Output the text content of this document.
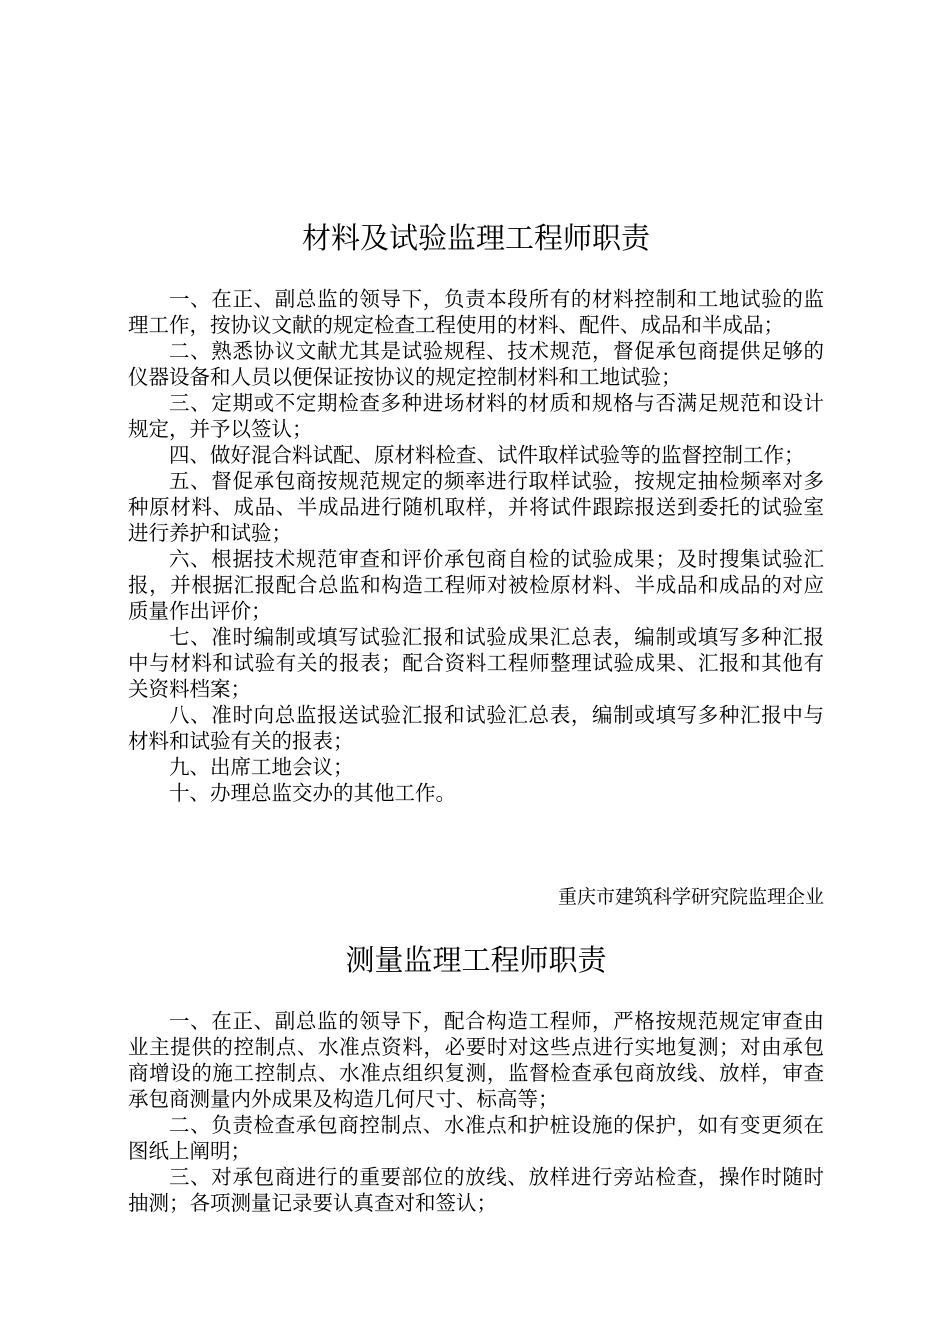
材料及试验监理工程师职责

一、在正、副总监的领导下，负责本段所有的材料控制和工地试验的监理工作，按协议文献的规定检查工程使用的材料、配件、成品和半成品；

二、熟悉协议文献尤其是试验规程、技术规范，督促承包商提供足够的仪器设备和人员以便保证按协议的规定控制材料和工地试验；

三、定期或不定期检查多种进场材料的材质和规格与否满足规范和设计规定，并予以签认；

四、做好混合料试配、原材料检查、试件取样试验等的监督控制工作；

五、督促承包商按规范规定的频率进行取样试验，按规定抽检频率对多种原材料、成品、半成品进行随机取样，并将试件跟踪报送到委托的试验室进行养护和试验；

六、根据技术规范审查和评价承包商自检的试验成果；及时搜集试验汇报，并根据汇报配合总监和构造工程师对被检原材料、半成品和成品的对应质量作出评价；

七、准时编制或填写试验汇报和试验成果汇总表，编制或填写多种汇报中与材料和试验有关的报表；配合资料工程师整理试验成果、汇报和其他有关资料档案；

八、准时向总监报送试验汇报和试验汇总表，编制或填写多种汇报中与材料和试验有关的报表；

九、出席工地会议；

十、办理总监交办的其他工作。

重庆市建筑科学研究院监理企业
测量监理工程师职责

一、在正、副总监的领导下，配合构造工程师，严格按规范规定审查由业主提供的控制点、水准点资料，必要时对这些点进行实地复测；对由承包商增设的施工控制点、水准点组织复测，监督检查承包商放线、放样，审查承包商测量内外成果及构造几何尺寸、标高等；

二、负责检查承包商控制点、水准点和护桩设施的保护，如有变更须在图纸上阐明；

三、对承包商进行的重要部位的放线、放样进行旁站检查，操作时随时抽测；各项测量记录要认真查对和签认；
